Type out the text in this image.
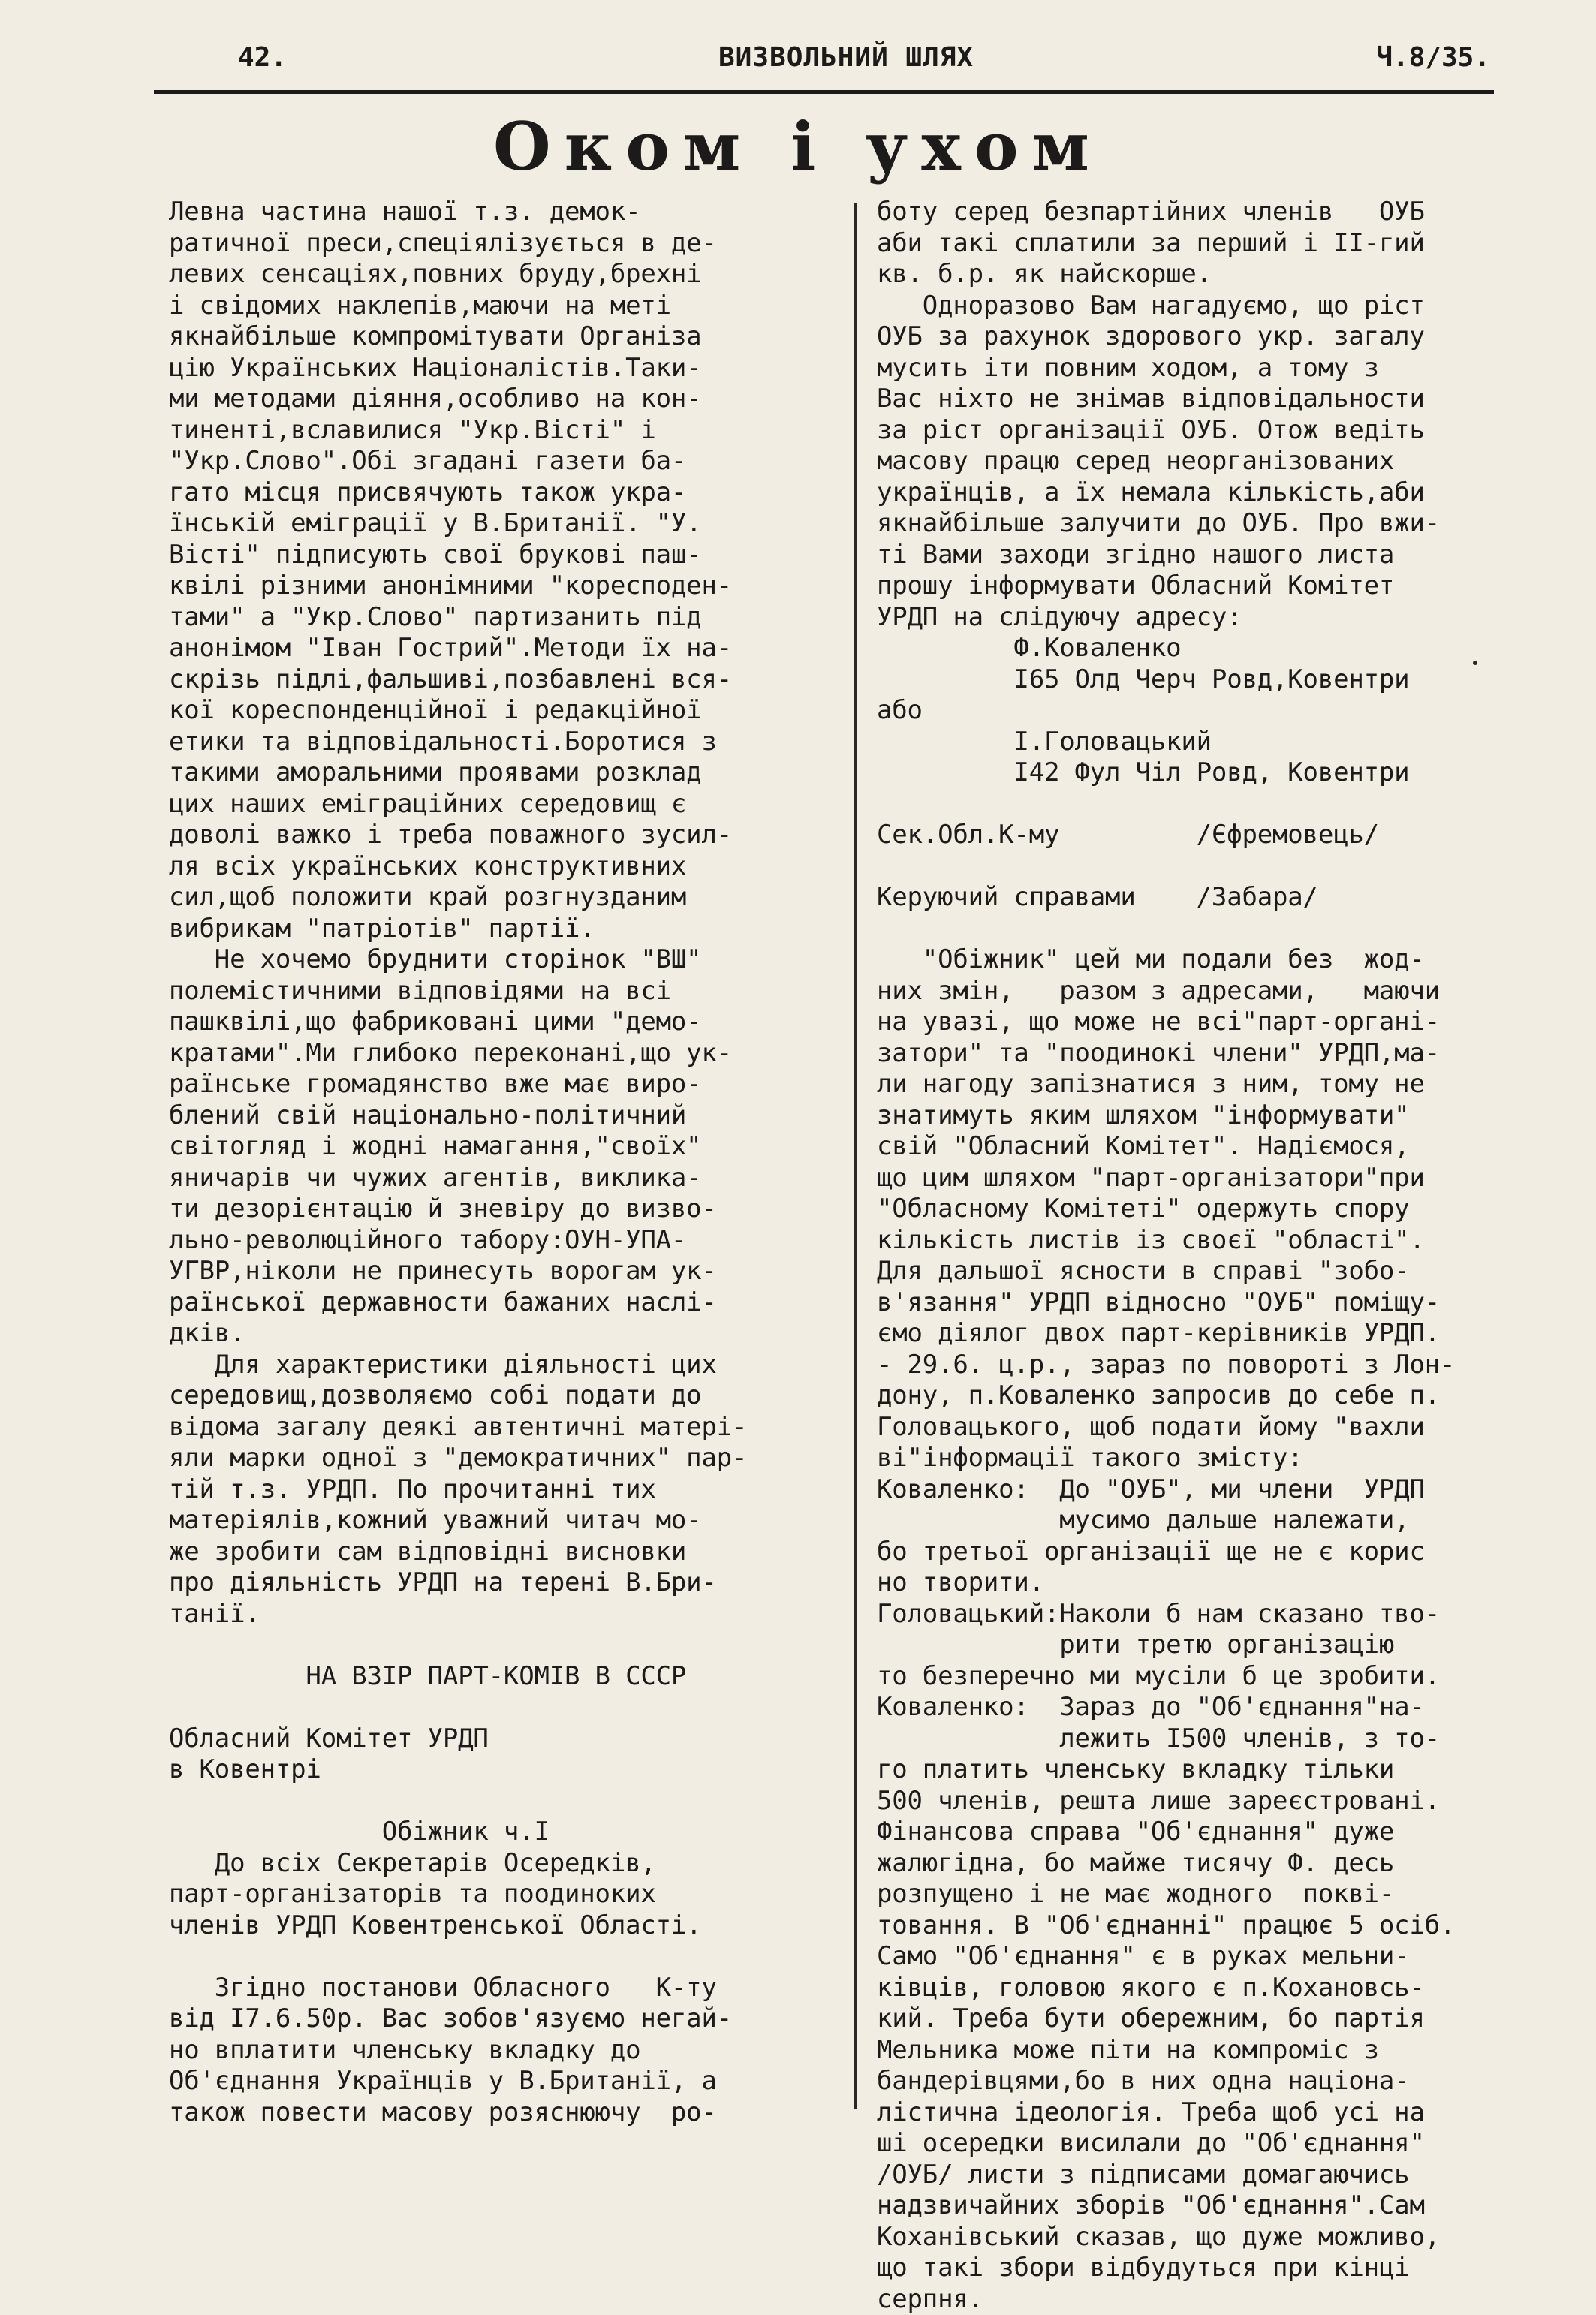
42.	ВИЗВОЛЬНИЙ ШЛЯХ	Ч.8/35.
Оком і ухом
Левна частина нашої т.з. демок-
ратичної преси,спеціялізується в де-
левих сенсаціях,повних бруду,брехні
і свідомих наклепів,маючи на меті
якнайбільше компромітувати Організа
цію Українських Націоналістів.Таки-
ми методами діяння,особливо на кон-
тиненті,вславилися "Укр.Вісті" і
"Укр.Слово".Обі згадані газети ба-
гато місця присвячують також укра-
їнській еміграції у В.Британії. "У.
Вісті" підписують свої брукові паш-
квілі різними анонімними "коресподен-
тами" а "Укр.Слово" партизанить під
анонімом "Іван Гострий".Методи їх на-
скрізь підлі,фальшиві,позбавлені вся-
кої кореспонденційної і редакційної
етики та відповідальності.Боротися з
такими аморальними проявами розклад
цих наших еміграційних середовищ є
доволі важко і треба поважного зусил-
ля всіх українських конструктивних
сил,щоб положити край розгнузданим
вибрикам "патріотів" партії.
Не хочемо бруднити сторінок "ВШ"
полемістичними відповідями на всі
пашквілі,що фабриковані цими "демо-
кратами".Ми глибоко переконані,що ук-
раїнське громадянство вже має виро-
блений свій національно-політичний
світогляд і жодні намагання,"своїх"
яничарів чи чужих агентів, виклика-
ти дезорієнтацію й зневіру до визво-
льно-революційного табору:ОУН-УПА-
УГВР,ніколи не принесуть ворогам ук-
раїнської державности бажаних наслі-
дків.
Для характеристики діяльності цих
середовищ,дозволяємо собі подати до
відома загалу деякі автентичні матері-
яли марки одної з "демократичних" пар-
тій т.з. УРДП. По прочитанні тих
матеріялів,кожний уважний читач мо-
же зробити сам відповідні висновки
про діяльність УРДП на терені В.Бри-
танії.

НА ВЗІР ПАРТ-КОМІВ В СССР

Обласний Комітет УРДП
в Ковентрі

Обіжник ч.І
До всіх Секретарів Осередків,
парт-організаторів та поодиноких
членів УРДП Ковентренської Області.

Згідно постанови Обласного   К-ту
від І7.6.50р. Вас зобов'язуємо негай-
но вплатити членську вкладку до
Об'єднання Українців у В.Британії, а
також повести масову розяснюючу  ро-
боту серед безпартійних членів   ОУБ
аби такі сплатили за перший і ІІ-гий
кв. б.р. як найскорше.
Одноразово Вам нагадуємо, що ріст
ОУБ за рахунок здорового укр. загалу
мусить іти повним ходом, а тому з
Вас ніхто не знімав відповідальности
за ріст організації ОУБ. Отож ведіть
масову працю серед неорганізованих
українців, а їх немала кількість,аби
якнайбільше залучити до ОУБ. Про вжи-
ті Вами заходи згідно нашого листа
прошу інформувати Обласний Комітет
УРДП на слідуючу адресу:
Ф.Коваленко
І65 Олд Черч Ровд,Ковентри
або
І.Головацький
І42 Фул Чіл Ровд, Ковентри

Сек.Обл.К-му         /Єфремовець/

Керуючий справами    /Забара/

"Обіжник" цей ми подали без  жод-
них змін,   разом з адресами,   маючи
на увазі, що може не всі"парт-органі-
затори" та "поодинокі члени" УРДП,ма-
ли нагоду запізнатися з ним, тому не
знатимуть яким шляхом "інформувати"
свій "Обласний Комітет". Надіємося,
що цим шляхом "парт-організатори"при
"Обласному Комітеті" одержуть спору
кількість листів із своєї "області".
Для дальшої ясности в справі "зобо-
в'язання" УРДП відносно "ОУБ" поміщу-
ємо діялог двох парт-керівників УРДП.
- 29.6. ц.р., зараз по повороті з Лон-
дону, п.Коваленко запросив до себе п.
Головацького, щоб подати йому "вахли
ві"інформації такого змісту:
Коваленко:  До "ОУБ", ми члени  УРДП
мусимо дальше належати,
бо третьої організації ще не є корис
но творити.
Головацький:Наколи б нам сказано тво-
рити третю організацію
то безперечно ми мусіли б це зробити.
Коваленко:  Зараз до "Об'єднання"на-
лежить І500 членів, з то-
го платить членську вкладку тільки
500 членів, решта лише зареєстровані.
Фінансова справа "Об'єднання" дуже
жалюгідна, бо майже тисячу Ф. десь
розпущено і не має жодного  покві-
товання. В "Об'єднанні" працює 5 осіб.
Само "Об'єднання" є в руках мельни-
ківців, головою якого є п.Кохановсь-
кий. Треба бути обережним, бо партія
Мельника може піти на компроміс з
бандерівцями,бо в них одна націона-
лістична ідеологія. Треба щоб усі на
ші осередки висилали до "Об'єднання"
/ОУБ/ листи з підписами домагаючись
надзвичайних зборів "Об'єднання".Сам
Коханівський сказав, що дуже можливо,
що такі збори відбудуться при кінці
серпня.
